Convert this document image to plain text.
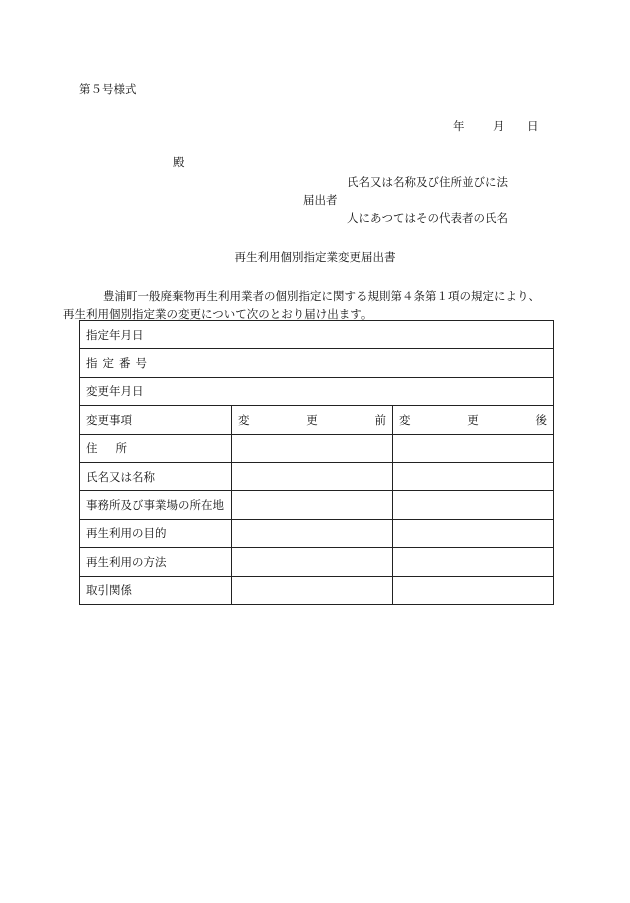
第５号様式
年 月 日
殿
氏名又は名称及び住所並びに法
届出者
人にあつてはその代表者の氏名
再生利用個別指定業変更届出書
豊浦町一般廃棄物再生利用業者の個別指定に関する規則第４条第１項の規定により、
再生利用個別指定業の変更について次のとおり届け出ます。
指定年月日		
指定番号		
変更年月日		
変更事項	変更前	変更後
住所		
氏名又は名称		
事務所及び事業場の所在地		
再生利用の目的		
再生利用の方法		
取引関係		
